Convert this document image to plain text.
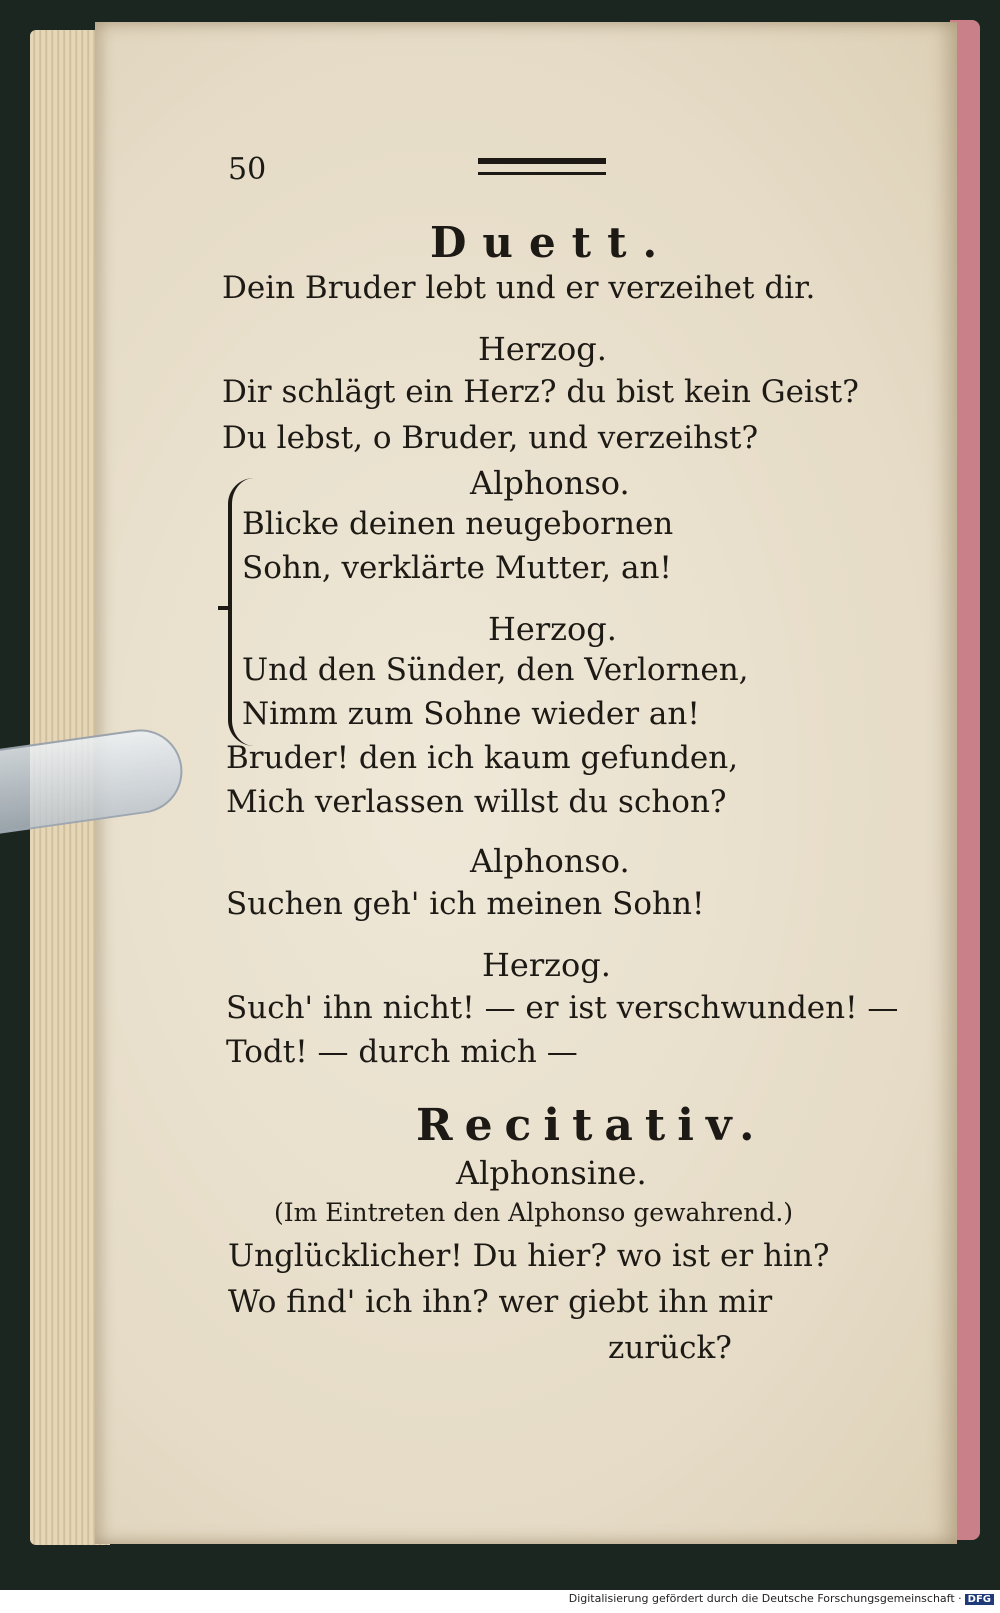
50
Duett.
Dein Bruder lebt und er verzeihet dir.
Herzog.
Dir schlägt ein Herz? du bist kein Geist?
Du lebst, o Bruder, und verzeihst?
Alphonso.
Blicke deinen neugebornen
Sohn, verklärte Mutter, an!
Herzog.
Und den Sünder, den Verlornen,
Nimm zum Sohne wieder an!
Bruder! den ich kaum gefunden,
Mich verlassen willst du schon?
Alphonso.
Suchen geh' ich meinen Sohn!
Herzog.
Such' ihn nicht! — er ist verschwunden! —
Todt! — durch mich —
Recitativ.
Alphonsine.
(Im Eintreten den Alphonso gewahrend.)
Unglücklicher! Du hier? wo ist er hin?
Wo find' ich ihn? wer giebt ihn mir
zurück?
Digitalisierung gefördert durch die Deutsche Forschungsgemeinschaft · DFG
